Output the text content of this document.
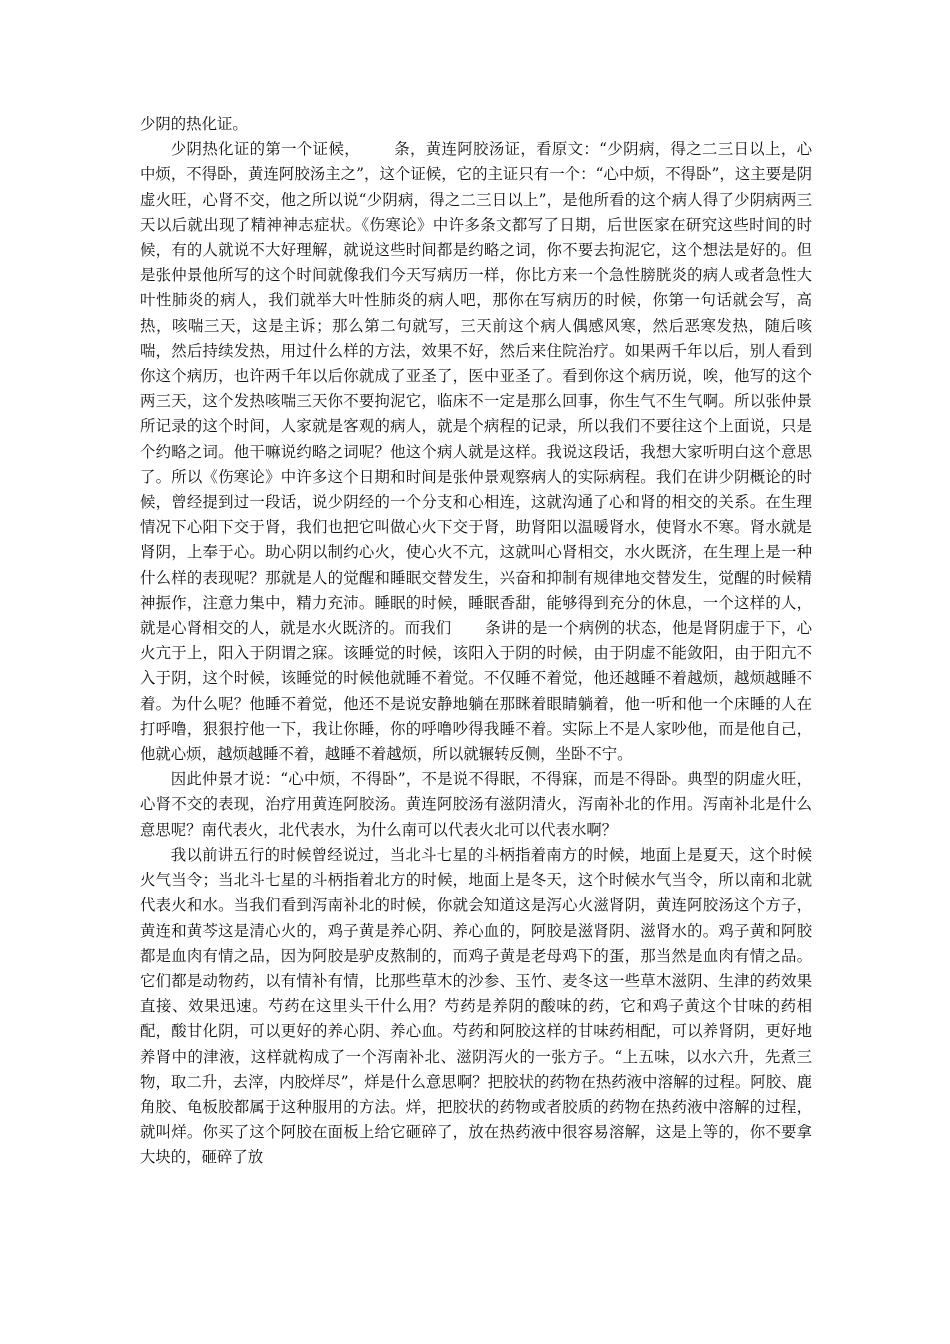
少阴的热化证。

少阴热化证的第一个证候， 条，黄连阿胶汤证，看原文：“少阴病，得之二三日以上，心中烦，不得卧，黄连阿胶汤主之”，这个证候，它的主证只有一个：“心中烦，不得卧”，这主要是阴虚火旺，心肾不交，他之所以说“少阴病，得之二三日以上”，是他所看的这个病人得了少阴病两三天以后就出现了精神神志症状。《伤寒论》中许多条文都写了日期，后世医家在研究这些时间的时候，有的人就说不大好理解，就说这些时间都是约略之词，你不要去拘泥它，这个想法是好的。但是张仲景他所写的这个时间就像我们今天写病历一样，你比方来一个急性膀胱炎的病人或者急性大叶性肺炎的病人，我们就举大叶性肺炎的病人吧，那你在写病历的时候，你第一句话就会写，高热，咳喘三天，这是主诉；那么第二句就写，三天前这个病人偶感风寒，然后恶寒发热，随后咳喘，然后持续发热，用过什么样的方法，效果不好，然后来住院治疗。如果两千年以后，别人看到你这个病历，也许两千年以后你就成了亚圣了，医中亚圣了。看到你这个病历说，唉，他写的这个两三天，这个发热咳喘三天你不要拘泥它，临床不一定是那么回事，你生气不生气啊。所以张仲景所记录的这个时间，人家就是客观的病人，就是个病程的记录，所以我们不要往这个上面说，只是个约略之词。他干嘛说约略之词呢？他这个病人就是这样。我说这段话，我想大家听明白这个意思了。所以《伤寒论》中许多这个日期和时间是张仲景观察病人的实际病程。我们在讲少阴概论的时候，曾经提到过一段话，说少阴经的一个分支和心相连，这就沟通了心和肾的相交的关系。在生理情况下心阳下交于肾，我们也把它叫做心火下交于肾，助肾阳以温暖肾水，使肾水不寒。肾水就是肾阴，上奉于心。助心阴以制约心火，使心火不亢，这就叫心肾相交，水火既济，在生理上是一种什么样的表现呢？那就是人的觉醒和睡眠交替发生，兴奋和抑制有规律地交替发生，觉醒的时候精神振作，注意力集中，精力充沛。睡眠的时候，睡眠香甜，能够得到充分的休息，一个这样的人，就是心肾相交的人，就是水火既济的。而我们 条讲的是一个病例的状态，他是肾阴虚于下，心火亢于上，阳入于阴谓之寐。该睡觉的时候，该阳入于阴的时候，由于阴虚不能敛阳，由于阳亢不入于阴，这个时候，该睡觉的时候他就睡不着觉。不仅睡不着觉，他还越睡不着越烦，越烦越睡不着。为什么呢？他睡不着觉，他还不是说安静地躺在那眯着眼睛躺着，他一听和他一个床睡的人在打呼噜，狠狠拧他一下，我让你睡，你的呼噜吵得我睡不着。实际上不是人家吵他，而是他自己，他就心烦，越烦越睡不着，越睡不着越烦，所以就辗转反侧，坐卧不宁。

因此仲景才说：“心中烦，不得卧”，不是说不得眠，不得寐，而是不得卧。典型的阴虚火旺，心肾不交的表现，治疗用黄连阿胶汤。黄连阿胶汤有滋阴清火，泻南补北的作用。泻南补北是什么意思呢？南代表火，北代表水，为什么南可以代表火北可以代表水啊？

我以前讲五行的时候曾经说过，当北斗七星的斗柄指着南方的时候，地面上是夏天，这个时候火气当令；当北斗七星的斗柄指着北方的时候，地面上是冬天，这个时候水气当令，所以南和北就代表火和水。当我们看到泻南补北的时候，你就会知道这是泻心火滋肾阴，黄连阿胶汤这个方子，黄连和黄芩这是清心火的，鸡子黄是养心阴、养心血的，阿胶是滋肾阴、滋肾水的。鸡子黄和阿胶都是血肉有情之品，因为阿胶是驴皮熬制的，而鸡子黄是老母鸡下的蛋，那当然是血肉有情之品。它们都是动物药，以有情补有情，比那些草木的沙参、玉竹、麦冬这一些草木滋阴、生津的药效果直接、效果迅速。芍药在这里头干什么用？芍药是养阴的酸味的药，它和鸡子黄这个甘味的药相配，酸甘化阴，可以更好的养心阴、养心血。芍药和阿胶这样的甘味药相配，可以养肾阴，更好地养肾中的津液，这样就构成了一个泻南补北、滋阴泻火的一张方子。“上五味，以水六升，先煮三物，取二升，去滓，内胶烊尽”，烊是什么意思啊？把胶状的药物在热药液中溶解的过程。阿胶、鹿角胶、龟板胶都属于这种服用的方法。烊，把胶状的药物或者胶质的药物在热药液中溶解的过程，就叫烊。你买了这个阿胶在面板上给它砸碎了，放在热药液中很容易溶解，这是上等的，你不要拿大块的，砸碎了放
